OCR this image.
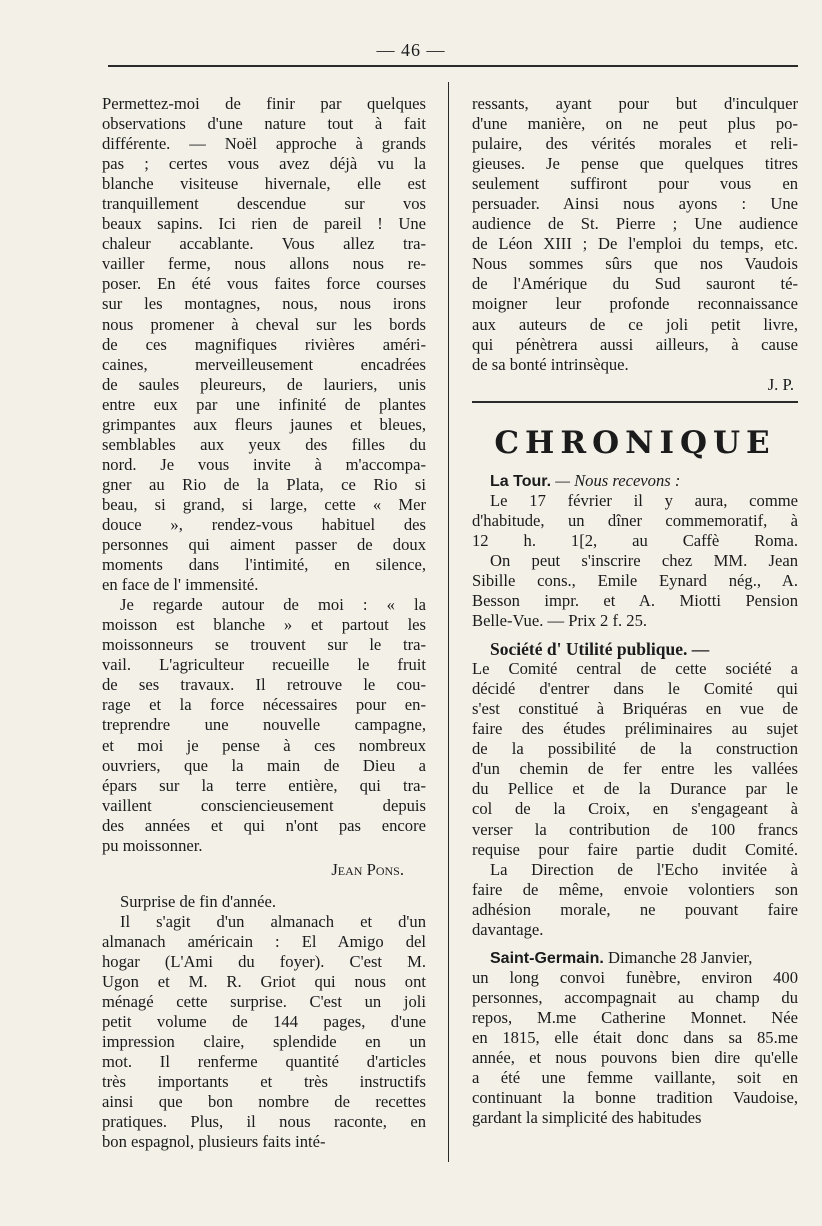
— 46 —
Permettez-moi de finir par quelques
observations d'une nature tout à fait
différente. — Noël approche à grands
pas ; certes vous avez déjà vu la
blanche visiteuse hivernale, elle est
tranquillement descendue sur vos
beaux sapins. Ici rien de pareil ! Une
chaleur accablante. Vous allez tra-
vailler ferme, nous allons nous re-
poser. En été vous faites force courses
sur les montagnes, nous, nous irons
nous promener à cheval sur les bords
de ces magnifiques rivières améri-
caines, merveilleusement encadrées
de saules pleureurs, de lauriers, unis
entre eux par une infinité de plantes
grimpantes aux fleurs jaunes et bleues,
semblables aux yeux des filles du
nord. Je vous invite à m'accompa-
gner au Rio de la Plata, ce Rio si
beau, si grand, si large, cette « Mer
douce », rendez-vous habituel des
personnes qui aiment passer de doux
moments dans l'intimité, en silence,
en face de l' immensité.
Je regarde autour de moi : « la
moisson est blanche » et partout les
moissonneurs se trouvent sur le tra-
vail. L'agriculteur recueille le fruit
de ses travaux. Il retrouve le cou-
rage et la force nécessaires pour en-
treprendre une nouvelle campagne,
et moi je pense à ces nombreux
ouvriers, que la main de Dieu a
épars sur la terre entière, qui tra-
vaillent consciencieusement depuis
des années et qui n'ont pas encore
pu moissonner.
Jean Pons.
Surprise de fin d'année.
Il s'agit d'un almanach et d'un
almanach américain : El Amigo del
hogar (L'Ami du foyer). C'est M.
Ugon et M. R. Griot qui nous ont
ménagé cette surprise. C'est un joli
petit volume de 144 pages, d'une
impression claire, splendide en un
mot. Il renferme quantité d'articles
très importants et très instructifs
ainsi que bon nombre de recettes
pratiques. Plus, il nous raconte, en
bon espagnol, plusieurs faits inté-
ressants, ayant pour but d'inculquer
d'une manière, on ne peut plus po-
pulaire, des vérités morales et reli-
gieuses. Je pense que quelques titres
seulement suffiront pour vous en
persuader. Ainsi nous ayons : Une
audience de St. Pierre ; Une audience
de Léon XIII ; De l'emploi du temps, etc.
Nous sommes sûrs que nos Vaudois
de l'Amérique du Sud sauront té-
moigner leur profonde reconnaissance
aux auteurs de ce joli petit livre,
qui pénètrera aussi ailleurs, à cause
de sa bonté intrinsèque.
J. P.
CHRONIQUE
La Tour. — Nous recevons :
Le 17 février il y aura, comme
d'habitude, un dîner commemoratif, à
12 h. 1[2, au Caffè Roma.
On peut s'inscrire chez MM. Jean
Sibille cons., Emile Eynard nég., A.
Besson impr. et A. Miotti Pension
Belle-Vue. — Prix 2 f. 25.
Société d' Utilité publique. —
Le Comité central de cette société a
décidé d'entrer dans le Comité qui
s'est constitué à Briquéras en vue de
faire des études préliminaires au sujet
de la possibilité de la construction
d'un chemin de fer entre les vallées
du Pellice et de la Durance par le
col de la Croix, en s'engageant à
verser la contribution de 100 francs
requise pour faire partie dudit Comité.
La Direction de l'Echo invitée à
faire de même, envoie volontiers son
adhésion morale, ne pouvant faire
davantage.
Saint-Germain. Dimanche 28 Janvier,
un long convoi funèbre, environ 400
personnes, accompagnait au champ du
repos, M.me Catherine Monnet. Née
en 1815, elle était donc dans sa 85.me
année, et nous pouvons bien dire qu'elle
a été une femme vaillante, soit en
continuant la bonne tradition Vaudoise,
gardant la simplicité des habitudes
